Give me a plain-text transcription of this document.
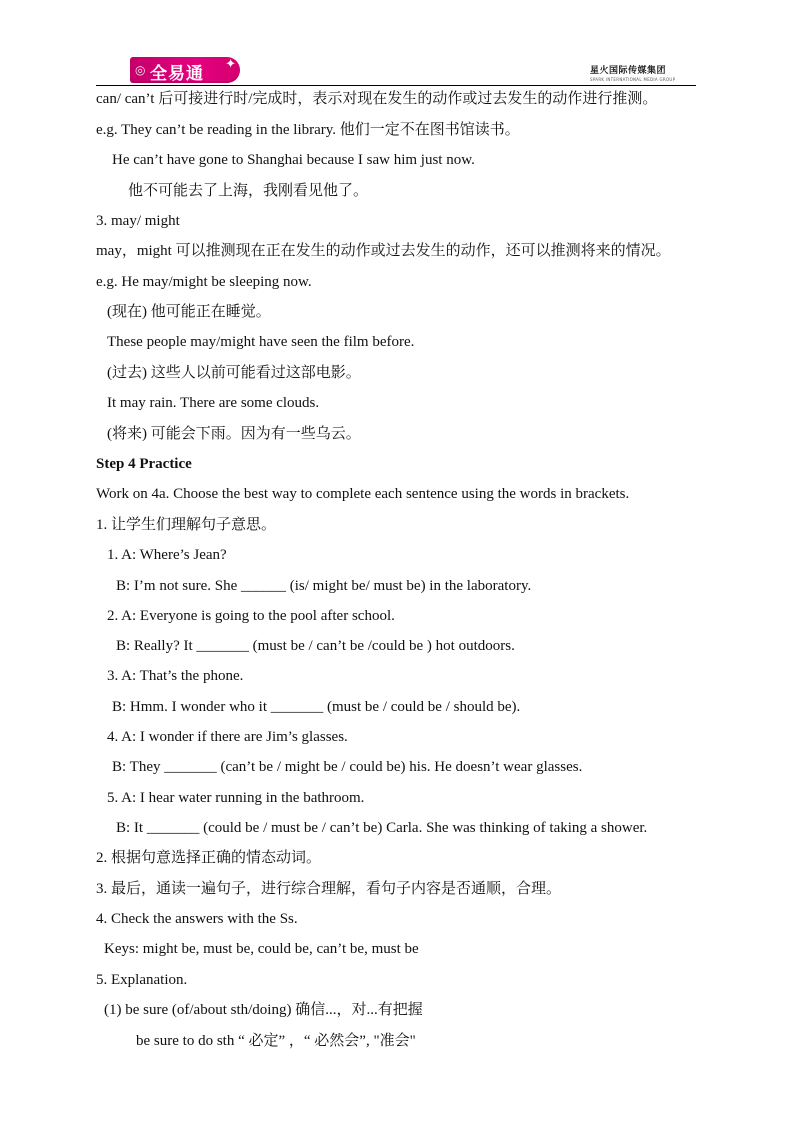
◎ 全易通 ✦	星火国际传媒集团
SPARK INTERNATIONAL MEDIA GROUP
can/ can’t 后可接进行时/完成时，表示对现在发生的动作或过去发生的动作进行推测。
e.g. They can’t be reading in the library. 他们一定不在图书馆读书。
He can’t have gone to Shanghai because I saw him just now.
他不可能去了上海，我刚看见他了。
3. may/ might
may，might 可以推测现在正在发生的动作或过去发生的动作，还可以推测将来的情况。
e.g. He may/might be sleeping now.
(现在) 他可能正在睡觉。
These people may/might have seen the film before.
(过去) 这些人以前可能看过这部电影。
It may rain. There are some clouds.
(将来) 可能会下雨。因为有一些乌云。
Step 4 Practice
Work on 4a. Choose the best way to complete each sentence using the words in brackets.
1. 让学生们理解句子意思。
1. A: Where’s Jean?
B: I’m not sure. She ______ (is/ might be/ must be) in the laboratory.
2. A: Everyone is going to the pool after school.
B: Really? It _______ (must be / can’t be /could be ) hot outdoors.
3. A: That’s the phone.
B: Hmm. I wonder who it _______ (must be / could be / should be).
4. A: I wonder if there are Jim’s glasses.
B: They _______ (can’t be / might be / could be) his. He doesn’t wear glasses.
5. A: I hear water running in the bathroom.
B: It _______ (could be / must be / can’t be) Carla. She was thinking of taking a shower.
2. 根据句意选择正确的情态动词。
3. 最后，通读一遍句子，进行综合理解，看句子内容是否通顺，合理。
4. Check the answers with the Ss.
Keys: might be, must be, could be, can’t be, must be
5. Explanation.
(1) be sure (of/about sth/doing) 确信...，对...有把握
be sure to do sth “ 必定” ，“ 必然会”, "准会"
